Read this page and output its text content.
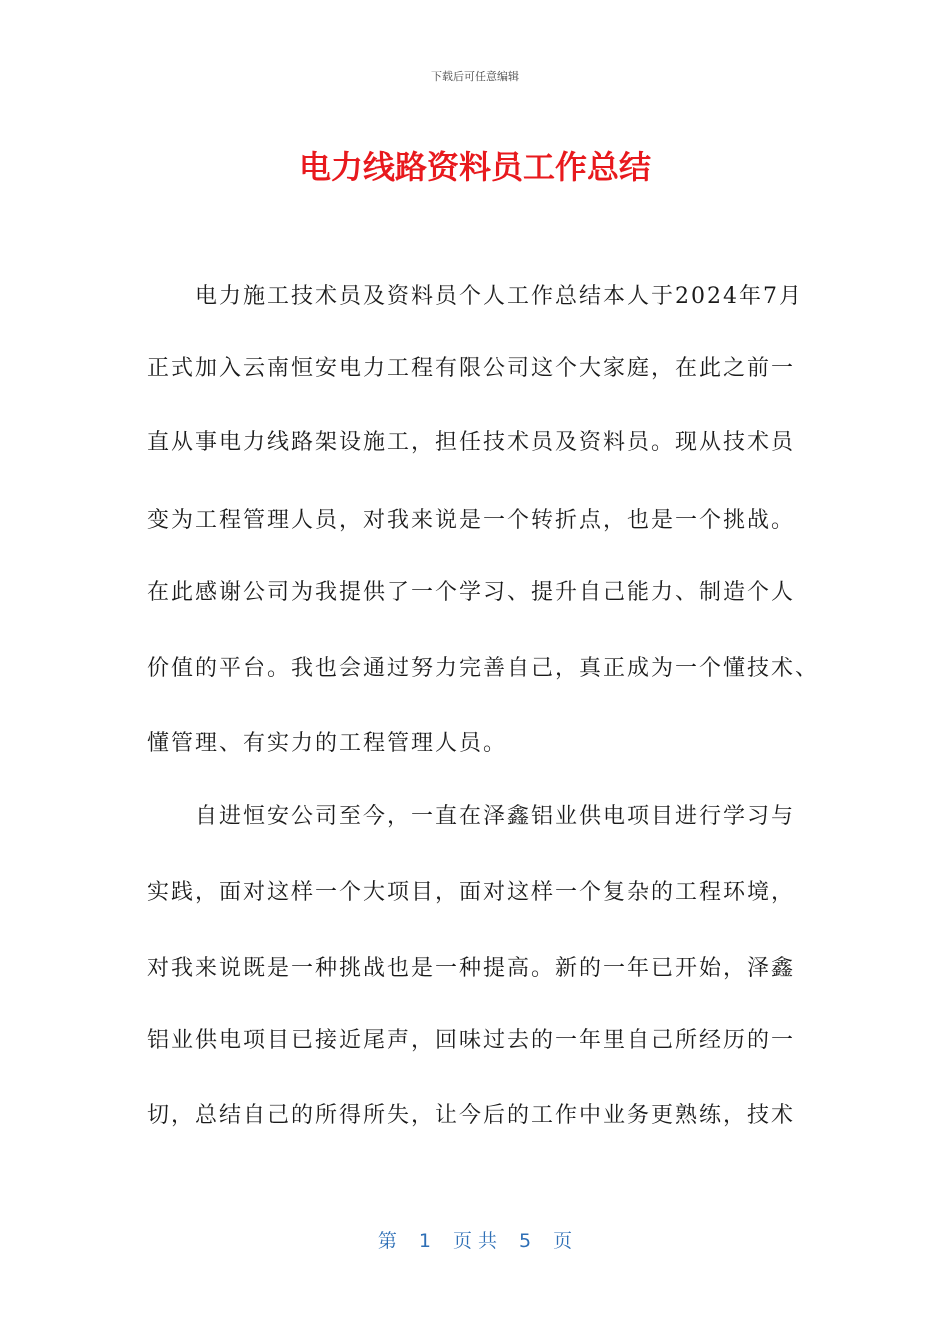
下载后可任意编辑
电力线路资料员工作总结
电力施工技术员及资料员个人工作总结本人于2024年7月
正式加入云南恒安电力工程有限公司这个大家庭，在此之前一
直从事电力线路架设施工，担任技术员及资料员。现从技术员
变为工程管理人员，对我来说是一个转折点，也是一个挑战。
在此感谢公司为我提供了一个学习、提升自己能力、制造个人
价值的平台。我也会通过努力完善自己，真正成为一个懂技术、
懂管理、有实力的工程管理人员。
自进恒安公司至今，一直在泽鑫铝业供电项目进行学习与
实践，面对这样一个大项目，面对这样一个复杂的工程环境，
对我来说既是一种挑战也是一种提高。新的一年已开始，泽鑫
铝业供电项目已接近尾声，回味过去的一年里自己所经历的一
切，总结自己的所得所失，让今后的工作中业务更熟练，技术
第 1 页 共 5 页
